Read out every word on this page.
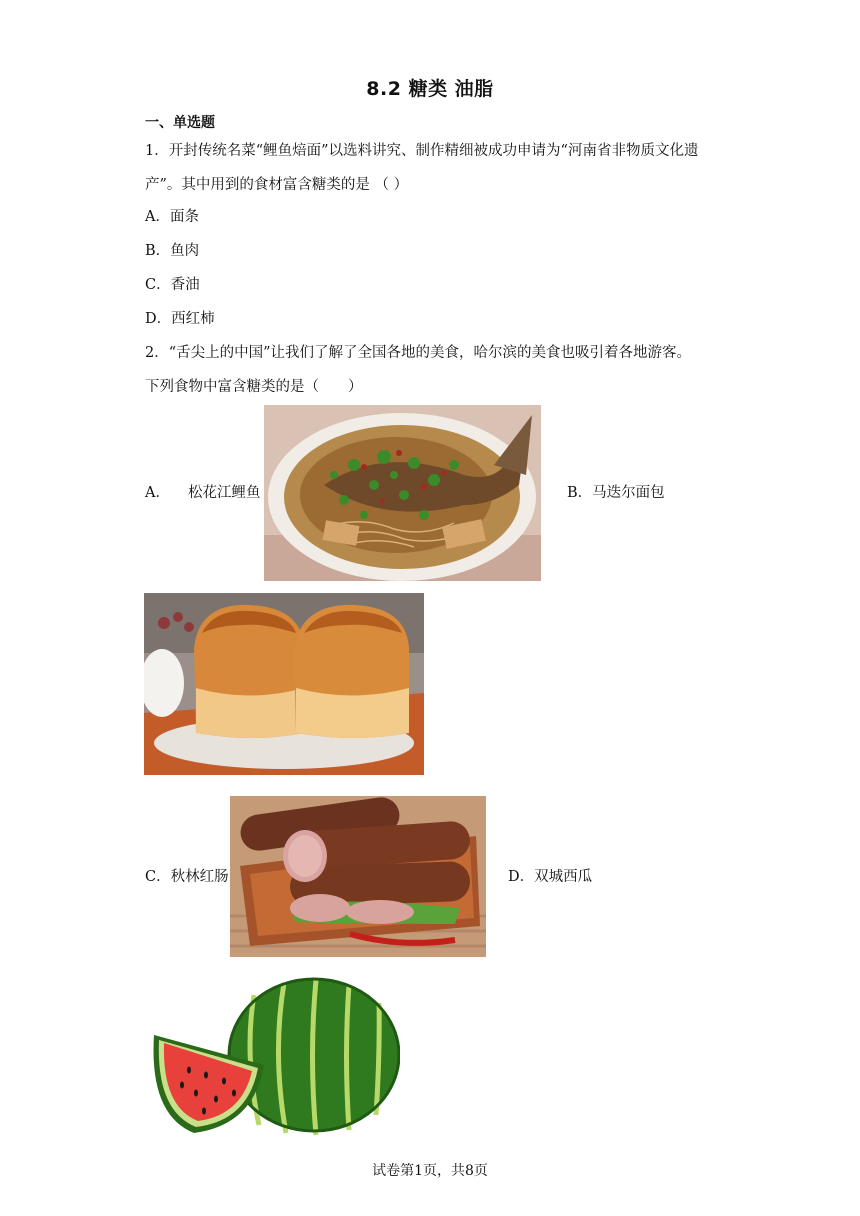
8.2 糖类 油脂
一、单选题
1．开封传统名菜“鲤鱼焙面”以选料讲究、制作精细被成功申请为“河南省非物质文化遗
产”。其中用到的食材富含糖类的是 （ ）
A．面条
B．鱼肉
C．香油
D．西红柿
2．“舌尖上的中国”让我们了解了全国各地的美食，哈尔滨的美食也吸引着各地游客。
下列食物中富含糖类的是（　　）
A． 松花江鲤鱼	B．马迭尔面包
C．秋林红肠	D．双城西瓜
试卷第1页，共8页
